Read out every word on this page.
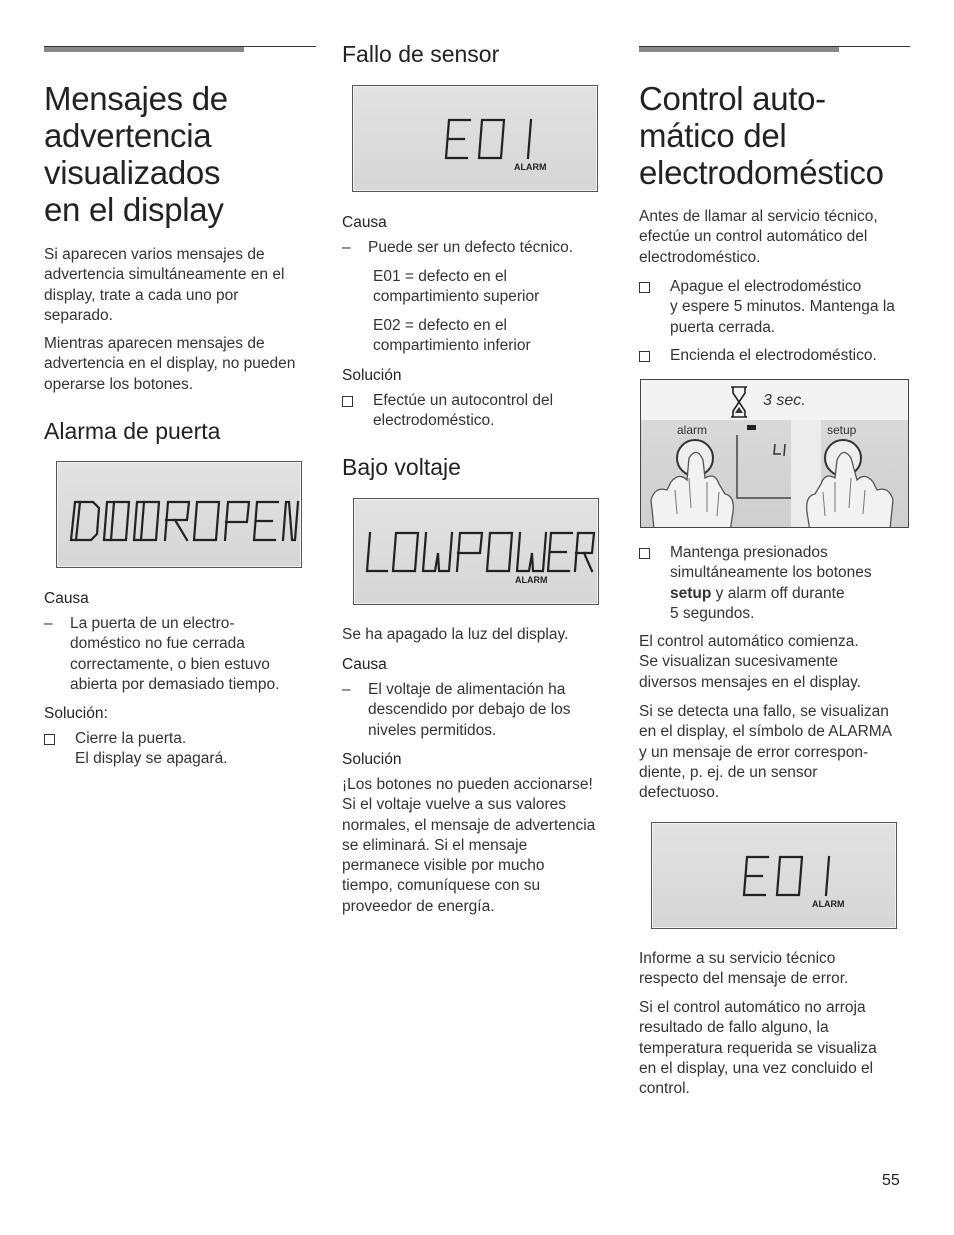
Mensajes de
advertencia
visualizados
en el display

Si aparecen varios mensajes de

advertencia simultáneamente en el

display, trate a cada uno por

separado.

Mientras aparecen mensajes de

advertencia en el display, no pueden

operarse los botones.

Alarma de puerta
Causa
– La puerta de un electro-

doméstico no fue cerrada

correctamente, o bien estuvo

abierta por demasiado tiempo.

Solución:

Cierre la puerta.

El display se apagará.

Fallo de sensor
ALARM
Causa
– Puede ser un defecto técnico.

E01 = defecto en el

compartimiento superior

E02 = defecto en el

compartimiento inferior

Solución

Efectúe un autocontrol del

electrodoméstico.

Bajo voltaje
ALARM

Se ha apagado la luz del display.

Causa
– El voltaje de alimentación ha

descendido por debajo de los

niveles permitidos.

Solución

¡Los botones no pueden accionarse!

Si el voltaje vuelve a sus valores

normales, el mensaje de advertencia

se eliminará. Si el mensaje

permanece visible por mucho

tiempo, comuníquese con su

proveedor de energía.

Control auto-
mático del
electrodoméstico

Antes de llamar al servicio técnico,

efectúe un control automático del

electrodoméstico.

Apague el electrodoméstico

y espere 5 minutos. Mantenga la

puerta cerrada.

Encienda el electrodoméstico.

3 sec.
alarm	setup

Mantenga presionados

simultáneamente los botones

setup y alarm off durante

5 segundos.

El control automático comienza.

Se visualizan sucesivamente

diversos mensajes en el display.

Si se detecta una fallo, se visualizan

en el display, el símbolo de ALARMA

y un mensaje de error correspon-

diente, p. ej. de un sensor

defectuoso.

ALARM

Informe a su servicio técnico

respecto del mensaje de error.

Si el control automático no arroja

resultado de fallo alguno, la

temperatura requerida se visualiza

en el display, una vez concluido el

control.

55
